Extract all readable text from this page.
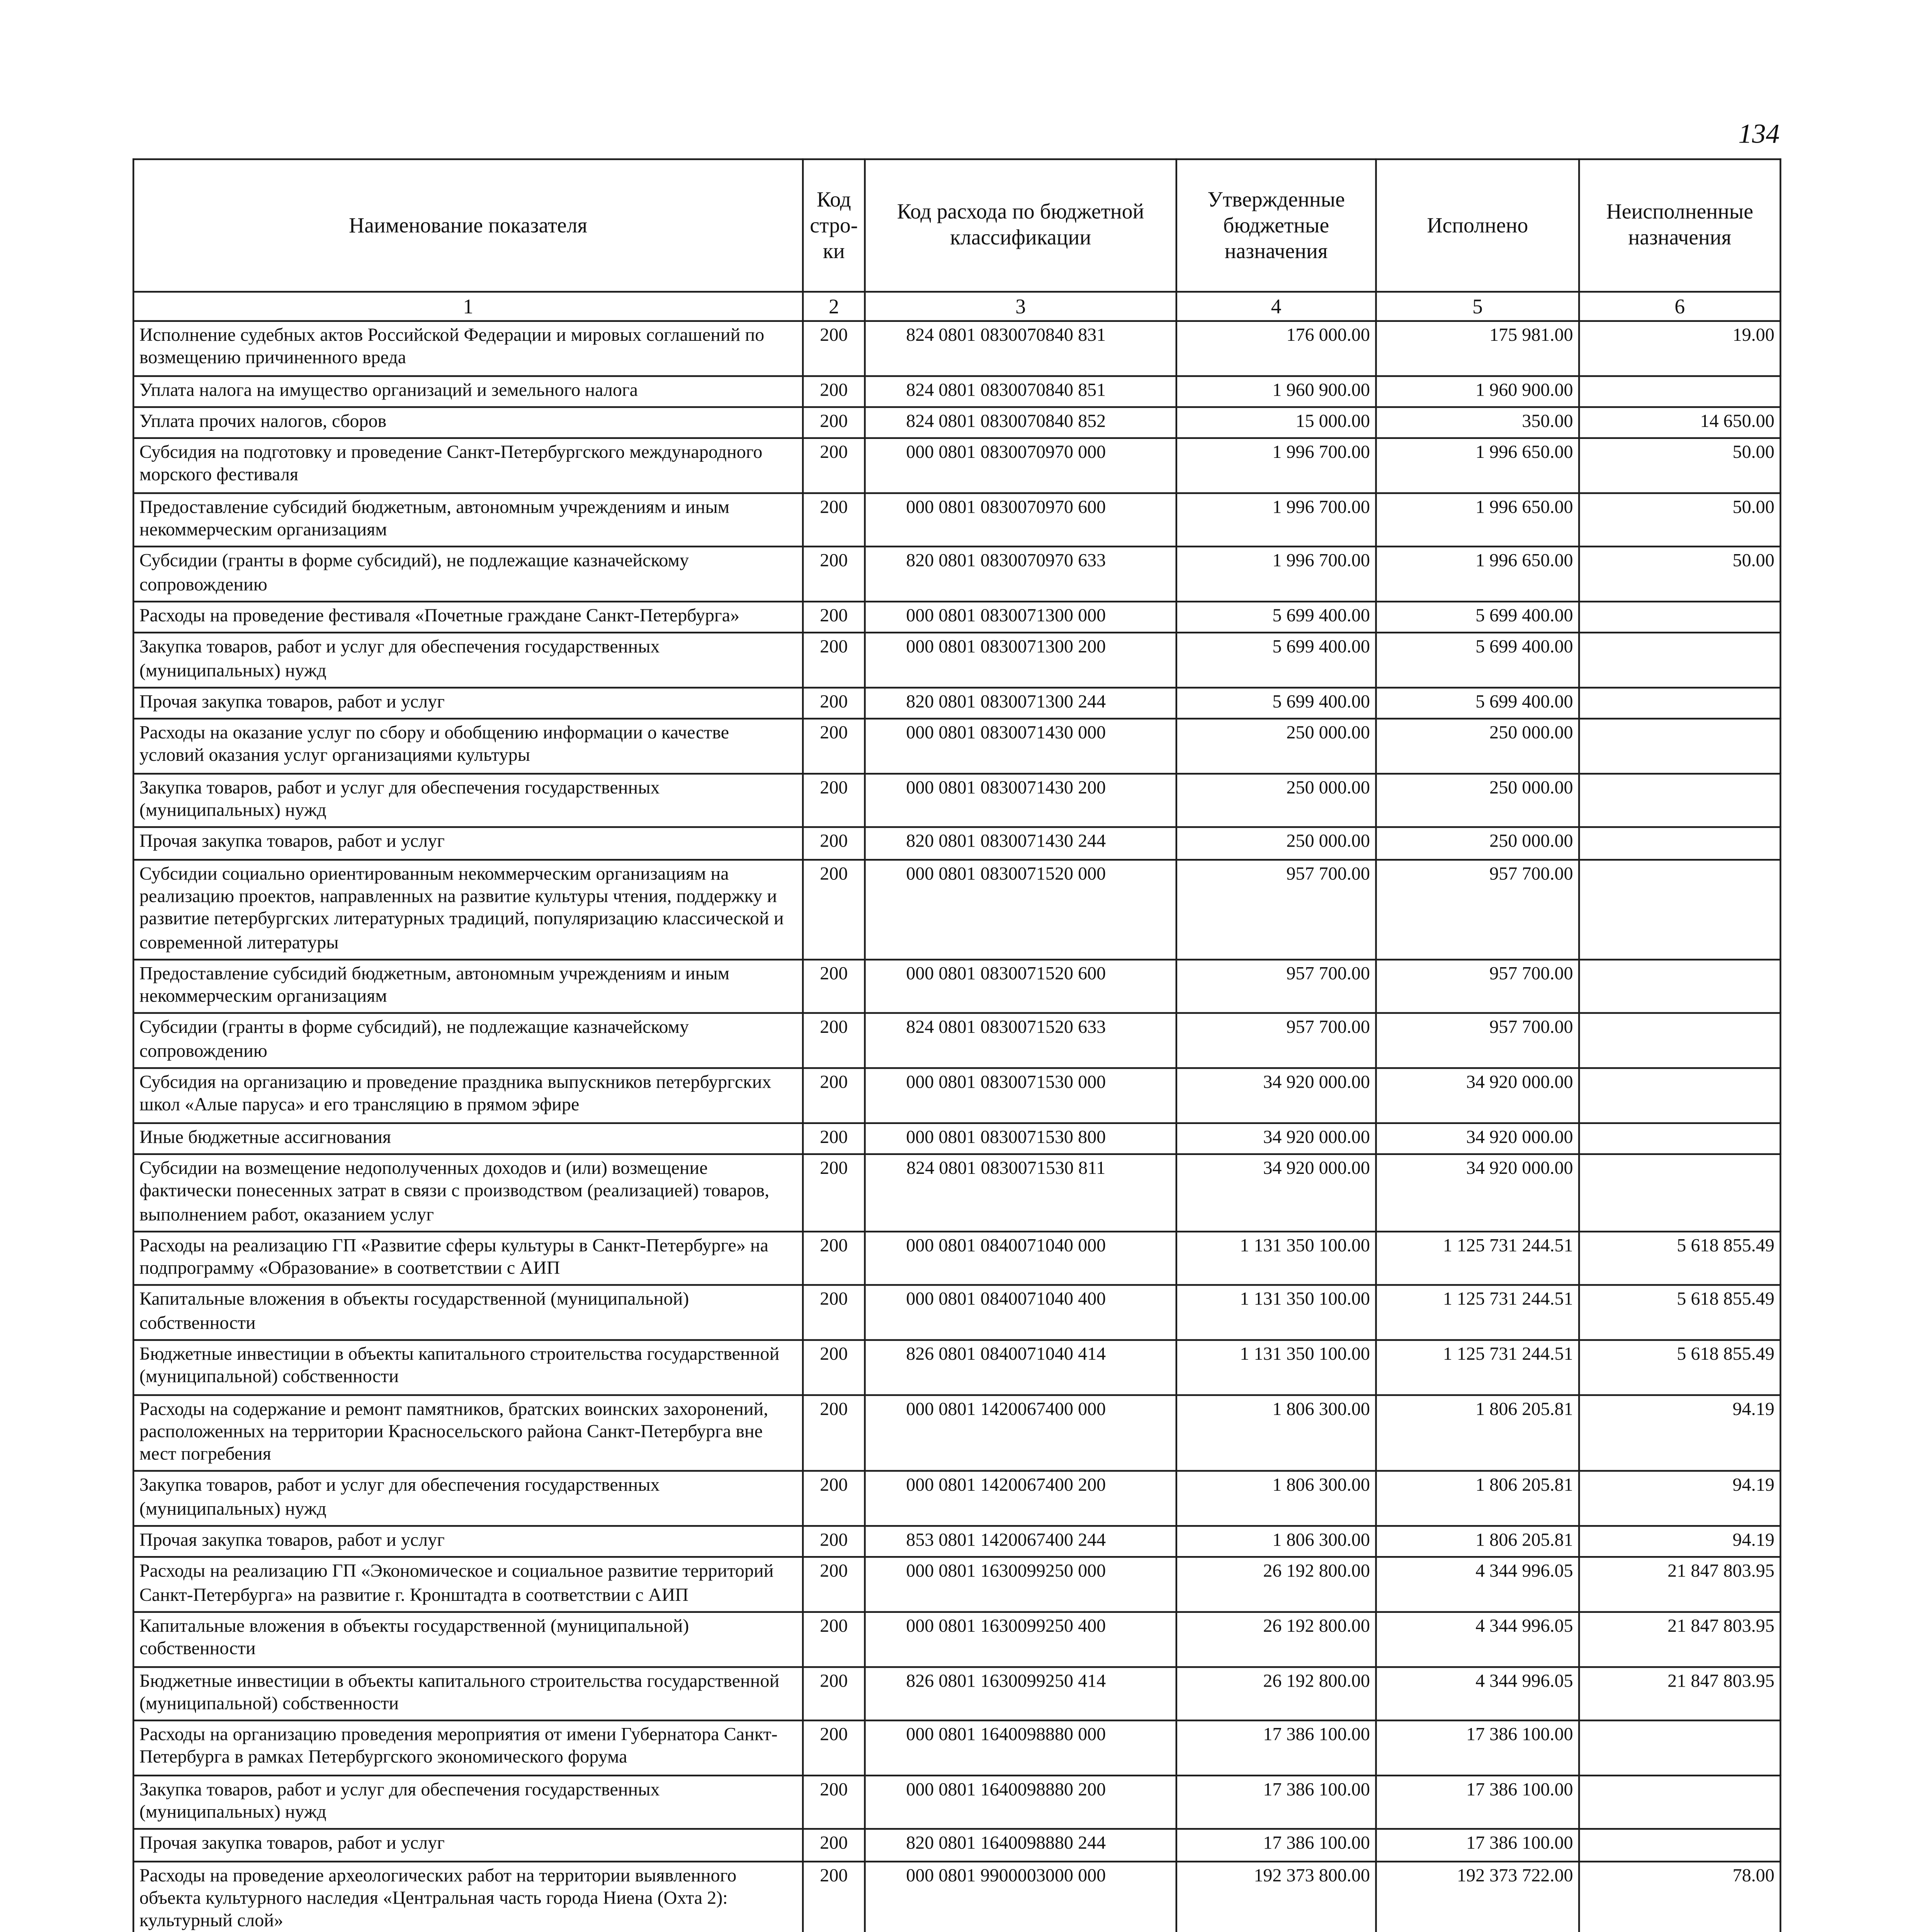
134
Наименование показателя	Код стро- ки	Код расхода по бюджетной классификации	Утвержденные бюджетные назначения	Исполнено	Неисполненные назначения
1	2	3	4	5	6
Исполнение судебных актов Российской Федерации и мировых соглашений по возмещению причиненного вреда	200	824 0801 0830070840 831	176 000.00	175 981.00	19.00
Уплата налога на имущество организаций и земельного налога	200	824 0801 0830070840 851	1 960 900.00	1 960 900.00	
Уплата прочих налогов, сборов	200	824 0801 0830070840 852	15 000.00	350.00	14 650.00
Субсидия на подготовку и проведение Санкт-Петербургского международного морского фестиваля	200	000 0801 0830070970 000	1 996 700.00	1 996 650.00	50.00
Предоставление субсидий бюджетным, автономным учреждениям и иным некоммерческим организациям	200	000 0801 0830070970 600	1 996 700.00	1 996 650.00	50.00
Субсидии (гранты в форме субсидий), не подлежащие казначейскому сопровождению	200	820 0801 0830070970 633	1 996 700.00	1 996 650.00	50.00
Расходы на проведение фестиваля «Почетные граждане Санкт-Петербурга»	200	000 0801 0830071300 000	5 699 400.00	5 699 400.00	
Закупка товаров, работ и услуг для обеспечения государственных (муниципальных) нужд	200	000 0801 0830071300 200	5 699 400.00	5 699 400.00	
Прочая закупка товаров, работ и услуг	200	820 0801 0830071300 244	5 699 400.00	5 699 400.00	
Расходы на оказание услуг по сбору и обобщению информации о качестве условий оказания услуг организациями культуры	200	000 0801 0830071430 000	250 000.00	250 000.00	
Закупка товаров, работ и услуг для обеспечения государственных (муниципальных) нужд	200	000 0801 0830071430 200	250 000.00	250 000.00	
Прочая закупка товаров, работ и услуг	200	820 0801 0830071430 244	250 000.00	250 000.00	
Субсидии социально ориентированным некоммерческим организациям на реализацию проектов, направленных на развитие культуры чтения, поддержку и развитие петербургских литературных традиций, популяризацию классической и современной литературы	200	000 0801 0830071520 000	957 700.00	957 700.00	
Предоставление субсидий бюджетным, автономным учреждениям и иным некоммерческим организациям	200	000 0801 0830071520 600	957 700.00	957 700.00	
Субсидии (гранты в форме субсидий), не подлежащие казначейскому сопровождению	200	824 0801 0830071520 633	957 700.00	957 700.00	
Субсидия на организацию и проведение праздника выпускников петербургских школ «Алые паруса» и его трансляцию в прямом эфире	200	000 0801 0830071530 000	34 920 000.00	34 920 000.00	
Иные бюджетные ассигнования	200	000 0801 0830071530 800	34 920 000.00	34 920 000.00	
Субсидии на возмещение недополученных доходов и (или) возмещение фактически понесенных затрат в связи с производством (реализацией) товаров, выполнением работ, оказанием услуг	200	824 0801 0830071530 811	34 920 000.00	34 920 000.00	
Расходы на реализацию ГП «Развитие сферы культуры в Санкт-Петербурге» на подпрограмму «Образование» в соответствии с АИП	200	000 0801 0840071040 000	1 131 350 100.00	1 125 731 244.51	5 618 855.49
Капитальные вложения в объекты государственной (муниципальной) собственности	200	000 0801 0840071040 400	1 131 350 100.00	1 125 731 244.51	5 618 855.49
Бюджетные инвестиции в объекты капитального строительства государственной (муниципальной) собственности	200	826 0801 0840071040 414	1 131 350 100.00	1 125 731 244.51	5 618 855.49
Расходы на содержание и ремонт памятников, братских воинских захоронений, расположенных на территории Красносельского района Санкт-Петербурга вне мест погребения	200	000 0801 1420067400 000	1 806 300.00	1 806 205.81	94.19
Закупка товаров, работ и услуг для обеспечения государственных (муниципальных) нужд	200	000 0801 1420067400 200	1 806 300.00	1 806 205.81	94.19
Прочая закупка товаров, работ и услуг	200	853 0801 1420067400 244	1 806 300.00	1 806 205.81	94.19
Расходы на реализацию ГП «Экономическое и социальное развитие территорий Санкт-Петербурга» на развитие г. Кронштадта в соответствии с АИП	200	000 0801 1630099250 000	26 192 800.00	4 344 996.05	21 847 803.95
Капитальные вложения в объекты государственной (муниципальной) собственности	200	000 0801 1630099250 400	26 192 800.00	4 344 996.05	21 847 803.95
Бюджетные инвестиции в объекты капитального строительства государственной (муниципальной) собственности	200	826 0801 1630099250 414	26 192 800.00	4 344 996.05	21 847 803.95
Расходы на организацию проведения мероприятия от имени Губернатора Санкт-Петербурга в рамках Петербургского экономического форума	200	000 0801 1640098880 000	17 386 100.00	17 386 100.00	
Закупка товаров, работ и услуг для обеспечения государственных (муниципальных) нужд	200	000 0801 1640098880 200	17 386 100.00	17 386 100.00	
Прочая закупка товаров, работ и услуг	200	820 0801 1640098880 244	17 386 100.00	17 386 100.00	
Расходы на проведение археологических работ на территории выявленного объекта культурного наследия «Центральная часть города Ниена (Охта 2): культурный слой»	200	000 0801 9900003000 000	192 373 800.00	192 373 722.00	78.00
